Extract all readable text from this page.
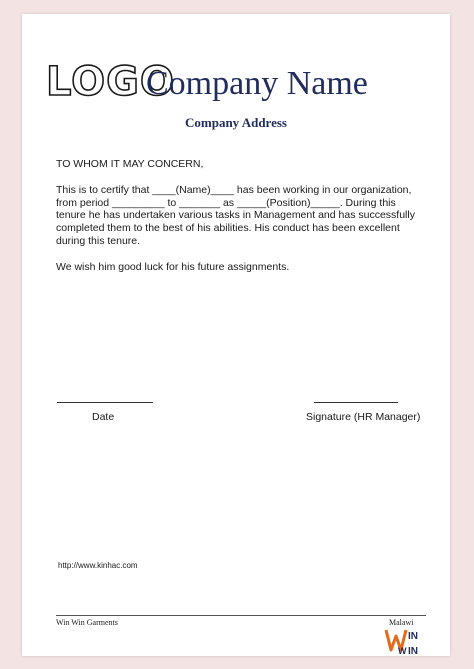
LOGO
Company Name
Company Address

TO WHOM IT MAY CONCERN,

This is to certify that ____(Name)____ has been working in our organization, from period _________ to _______ as _____(Position)_____. During this tenure he has undertaken various tasks in Management and has successfully completed them to the best of his abilities. His conduct has been excellent during this tenure.

We wish him good luck for his future assignments.

Date	Signature (HR Manager)
http://www.kinhac.com
Win Win Garments	Malawi
IN
W IN
